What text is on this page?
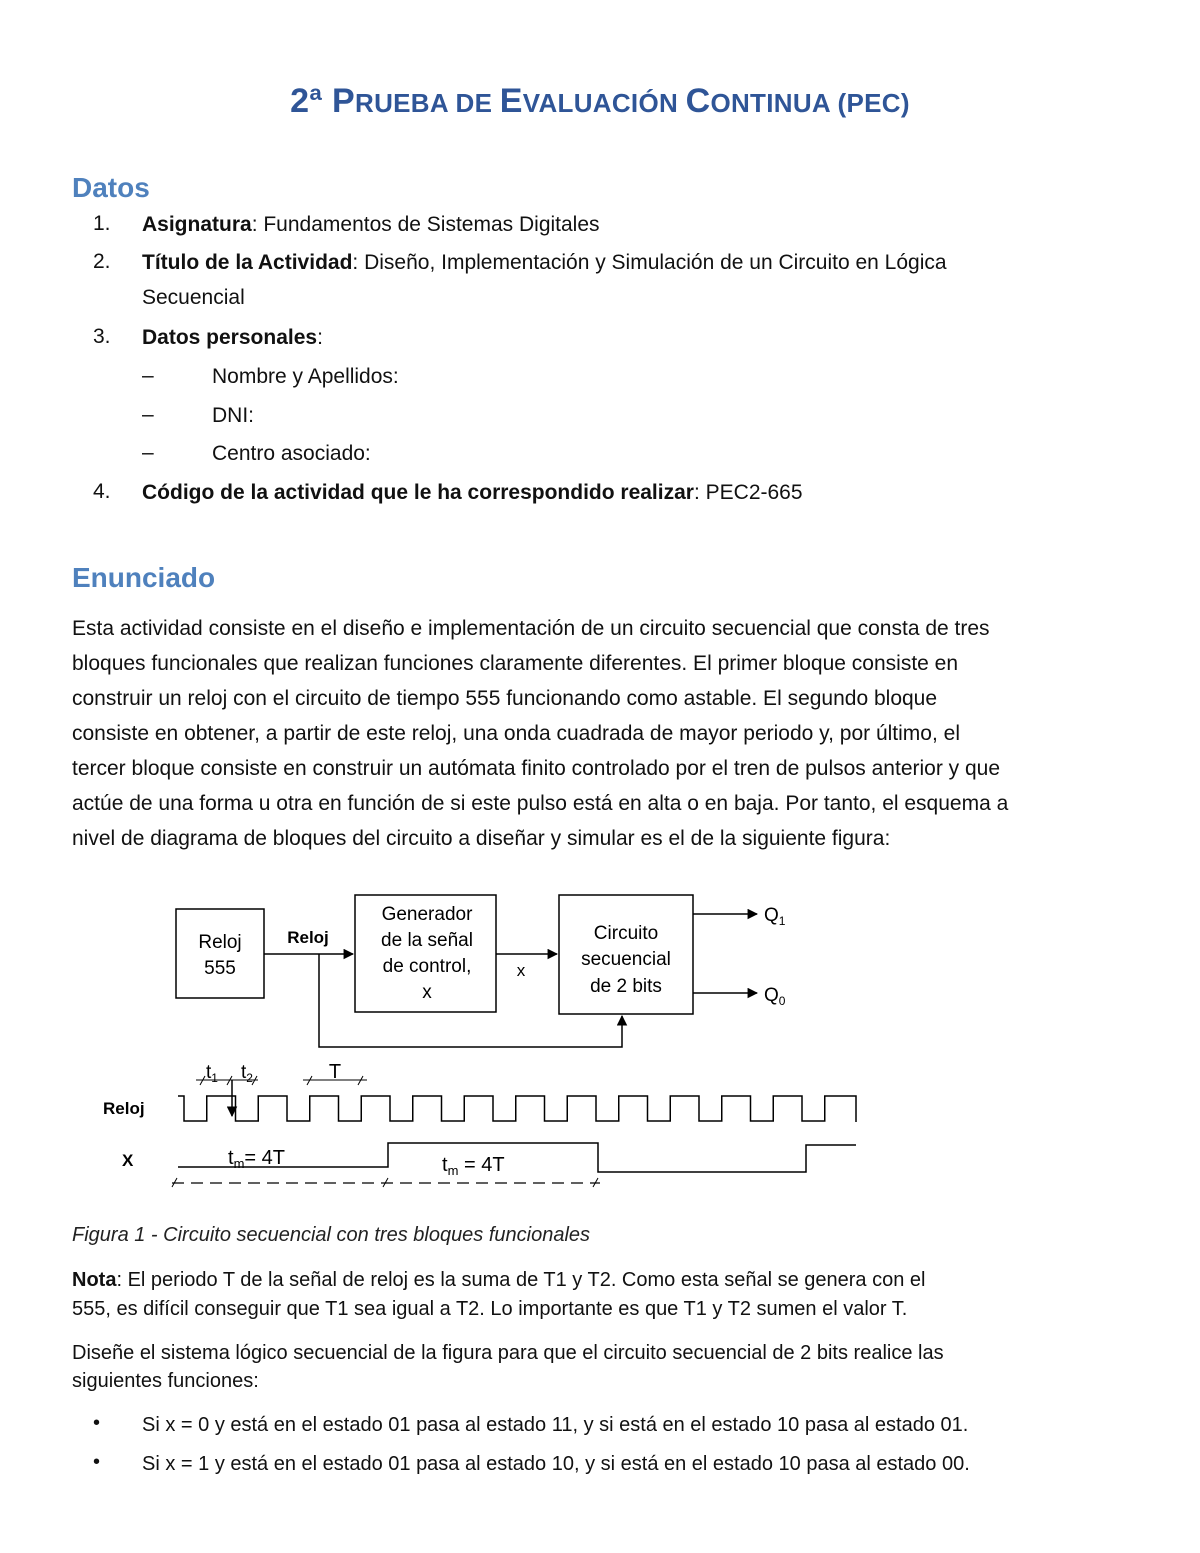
2ª PRUEBA DE EVALUACIÓN CONTINUA (PEC)
Datos
1. Asignatura: Fundamentos de Sistemas Digitales
2. Título de la Actividad: Diseño, Implementación y Simulación de un Circuito en Lógica
Secuencial
3. Datos personales:
–	Nombre y Apellidos:
–	DNI:
–	Centro asociado:
4. Código de la actividad que le ha correspondido realizar: PEC2-665
Enunciado

Esta actividad consiste en el diseño e implementación de un circuito secuencial que consta de tres

bloques funcionales que realizan funciones claramente diferentes. El primer bloque consiste en

construir un reloj con el circuito de tiempo 555 funcionando como astable. El segundo bloque

consiste en obtener, a partir de este reloj, una onda cuadrada de mayor periodo y, por último, el

tercer bloque consiste en construir un autómata finito controlado por el tren de pulsos anterior y que

actúe de una forma u otra en función de si este pulso está en alta o en baja. Por tanto, el esquema a

nivel de diagrama de bloques del circuito a diseñar y simular es el de la siguiente figura:

Reloj
555
Reloj
Generador
de la señal
de control,
x
x
Circuito
secuencial
de 2 bits
$Q_1$
$Q_0$
$t_1$ $t_2$	T
Reloj
X	$t_m= 4T$	$t_m = 4T$
Figura 1 - Circuito secuencial con tres bloques funcionales
Nota: El periodo T de la señal de reloj es la suma de T1 y T2. Como esta señal se genera con el
555, es difícil conseguir que T1 sea igual a T2. Lo importante es que T1 y T2 sumen el valor T.
Diseñe el sistema lógico secuencial de la figura para que el circuito secuencial de 2 bits realice las
siguientes funciones:
• Si x = 0 y está en el estado 01 pasa al estado 11, y si está en el estado 10 pasa al estado 01.
• Si x = 1 y está en el estado 01 pasa al estado 10, y si está en el estado 10 pasa al estado 00.
